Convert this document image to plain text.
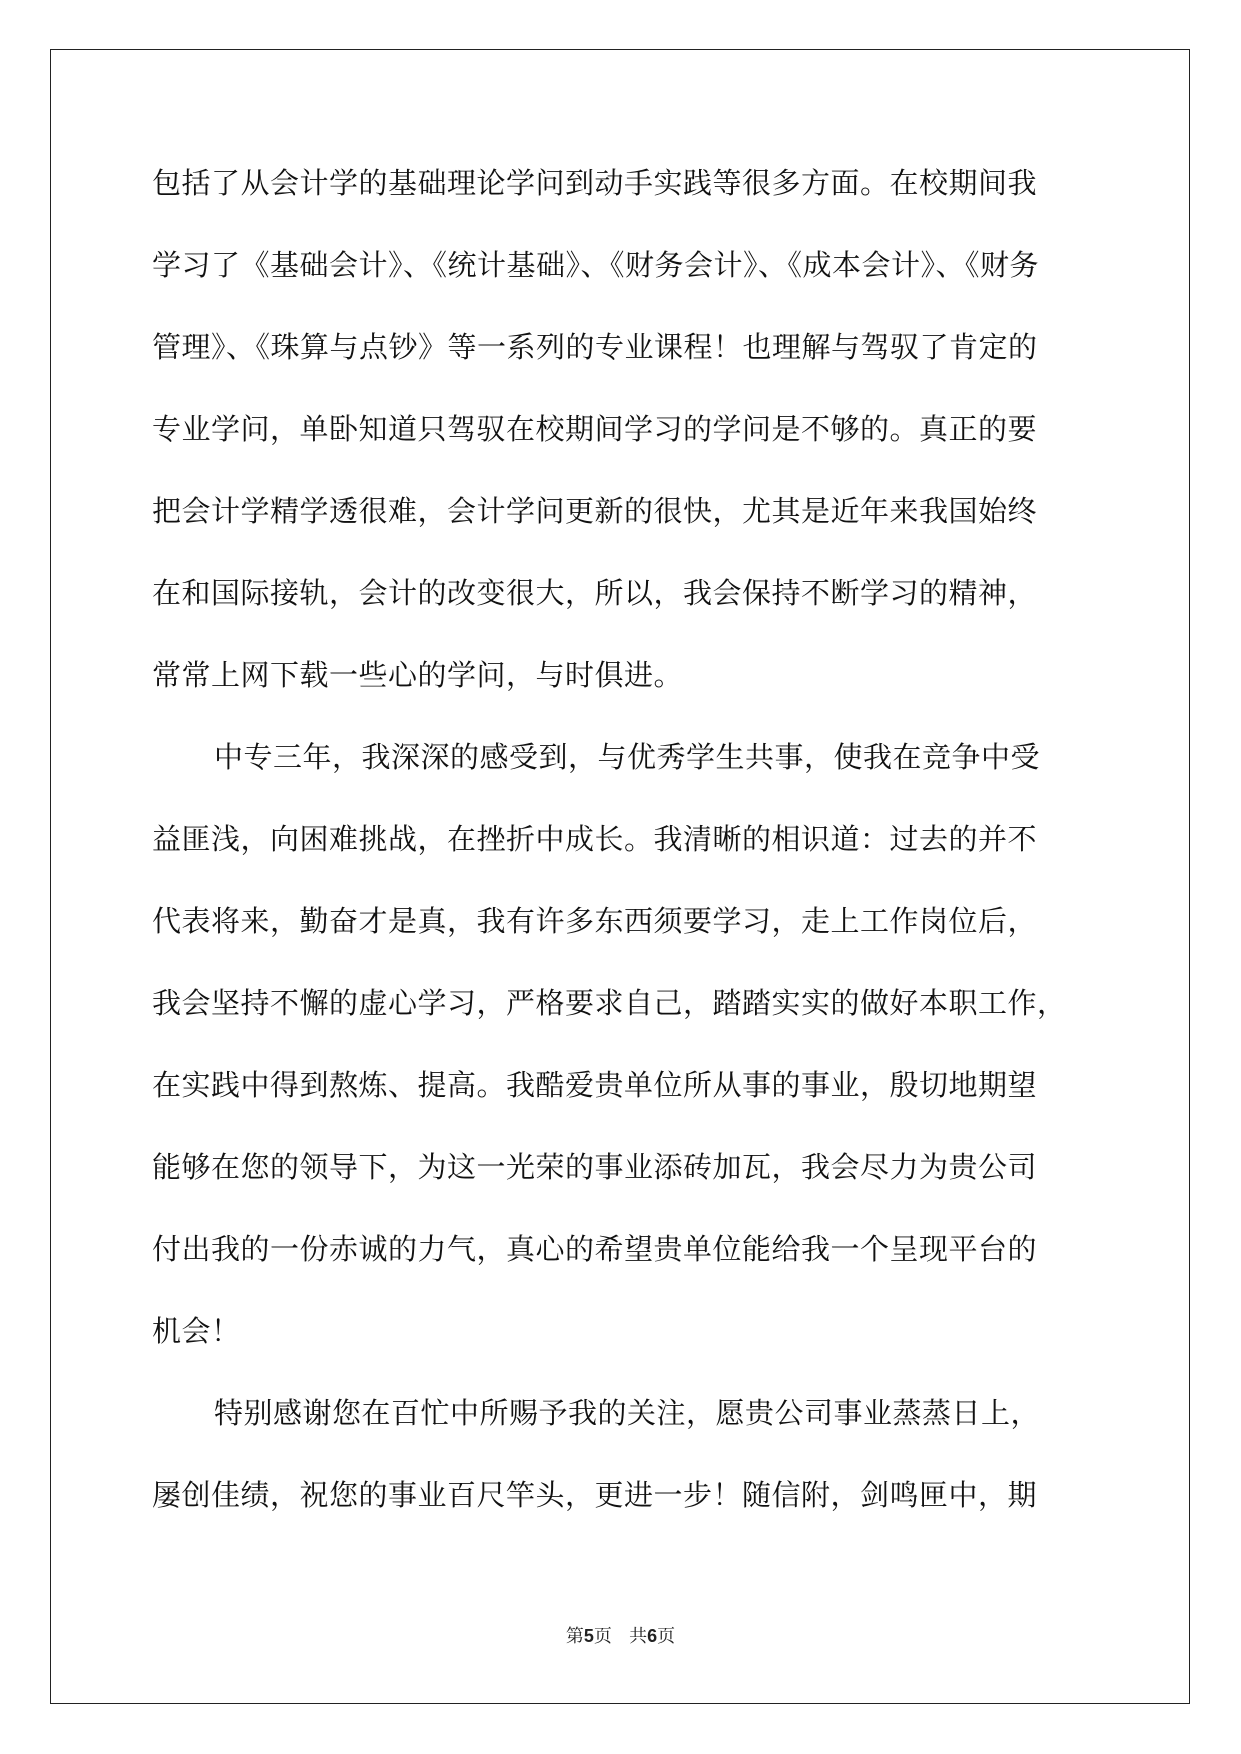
包括了从会计学的基础理论学问到动手实践等很多方面。在校期间我
学习了《基础会计》、《统计基础》、《财务会计》、《成本会计》、《财务
管理》、《珠算与点钞》等一系列的专业课程！也理解与驾驭了肯定的
专业学问，单卧知道只驾驭在校期间学习的学问是不够的。真正的要
把会计学精学透很难，会计学问更新的很快，尤其是近年来我国始终
在和国际接轨，会计的改变很大，所以，我会保持不断学习的精神，
常常上网下载一些心的学问，与时俱进。
中专三年，我深深的感受到，与优秀学生共事，使我在竞争中受
益匪浅，向困难挑战，在挫折中成长。我清晰的相识道：过去的并不
代表将来，勤奋才是真，我有许多东西须要学习，走上工作岗位后，
我会坚持不懈的虚心学习，严格要求自己，踏踏实实的做好本职工作，
在实践中得到熬炼、提高。我酷爱贵单位所从事的事业，殷切地期望
能够在您的领导下，为这一光荣的事业添砖加瓦，我会尽力为贵公司
付出我的一份赤诚的力气，真心的希望贵单位能给我一个呈现平台的
机会！
特别感谢您在百忙中所赐予我的关注，愿贵公司事业蒸蒸日上，
屡创佳绩，祝您的事业百尺竿头，更进一步！随信附，剑鸣匣中，期
第5页   共6页
